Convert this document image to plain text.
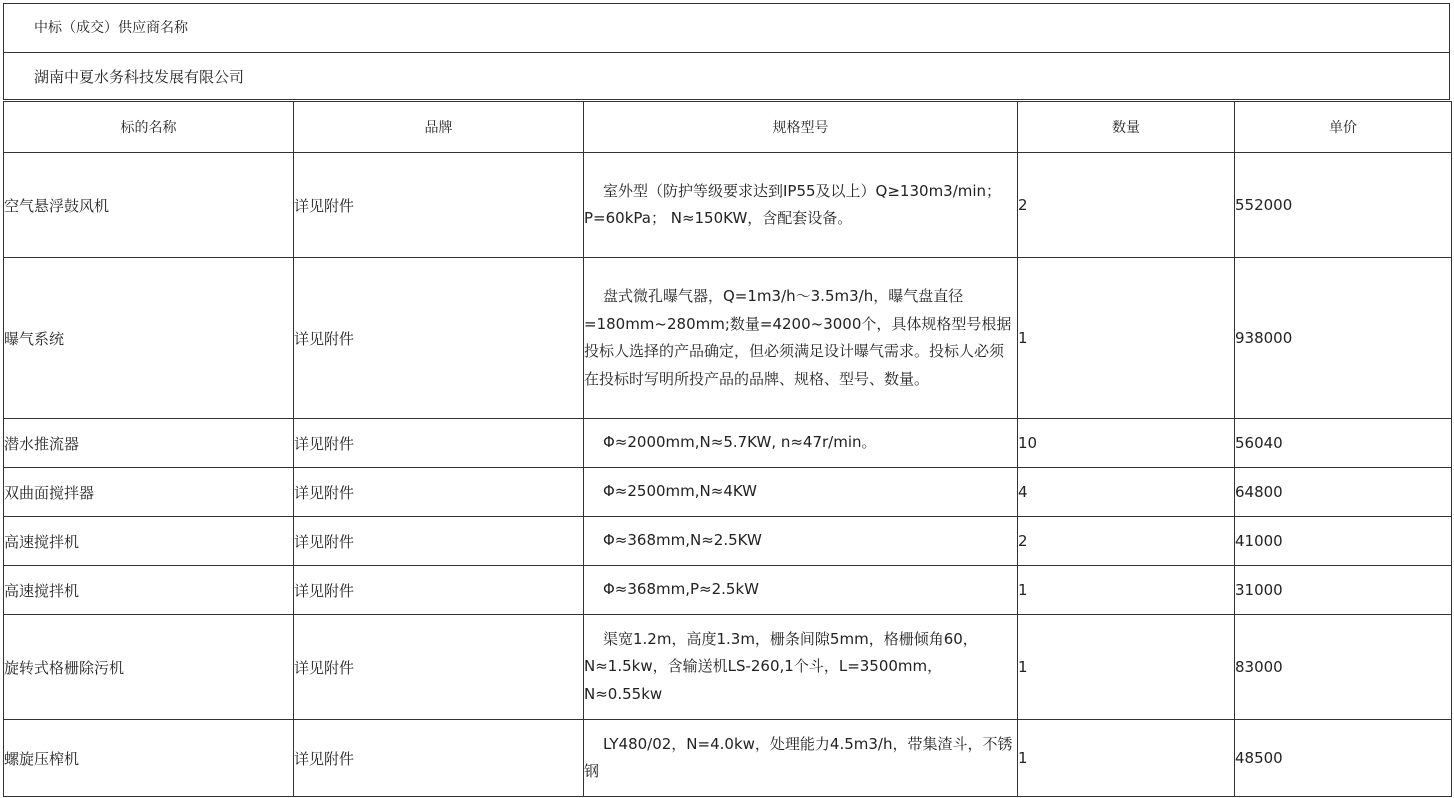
中标（成交）供应商名称
湖南中夏水务科技发展有限公司
标的名称	品牌	规格型号	数量	单价
空气悬浮鼓风机	详见附件	室外型（防护等级要求达到IP55及以上）Q≥130m3/min； P=60kPa； N≈150KW，含配套设备。	2	552000
曝气系统	详见附件	盘式微孔曝气器，Q=1m3/h～3.5m3/h，曝气盘直径=180mm~280mm;数量=4200~3000个，具体规格型号根据投标人选择的产品确定，但必须满足设计曝气需求。投标人必须在投标时写明所投产品的品牌、规格、型号、数量。	1	938000
潜水推流器	详见附件	Φ≈2000mm,N≈5.7KW, n≈47r/min。	10	56040
双曲面搅拌器	详见附件	Φ≈2500mm,N≈4KW	4	64800
高速搅拌机	详见附件	Φ≈368mm,N≈2.5KW	2	41000
高速搅拌机	详见附件	Φ≈368mm,P≈2.5kW	1	31000
旋转式格栅除污机	详见附件	渠宽1.2m，高度1.3m，栅条间隙5mm，格栅倾角60，N≈1.5kw，含输送机LS-260,1个斗，L=3500mm，N≈0.55kw	1	83000
螺旋压榨机	详见附件	LY480/02，N=4.0kw，处理能力4.5m3/h，带集渣斗，不锈钢	1	48500
